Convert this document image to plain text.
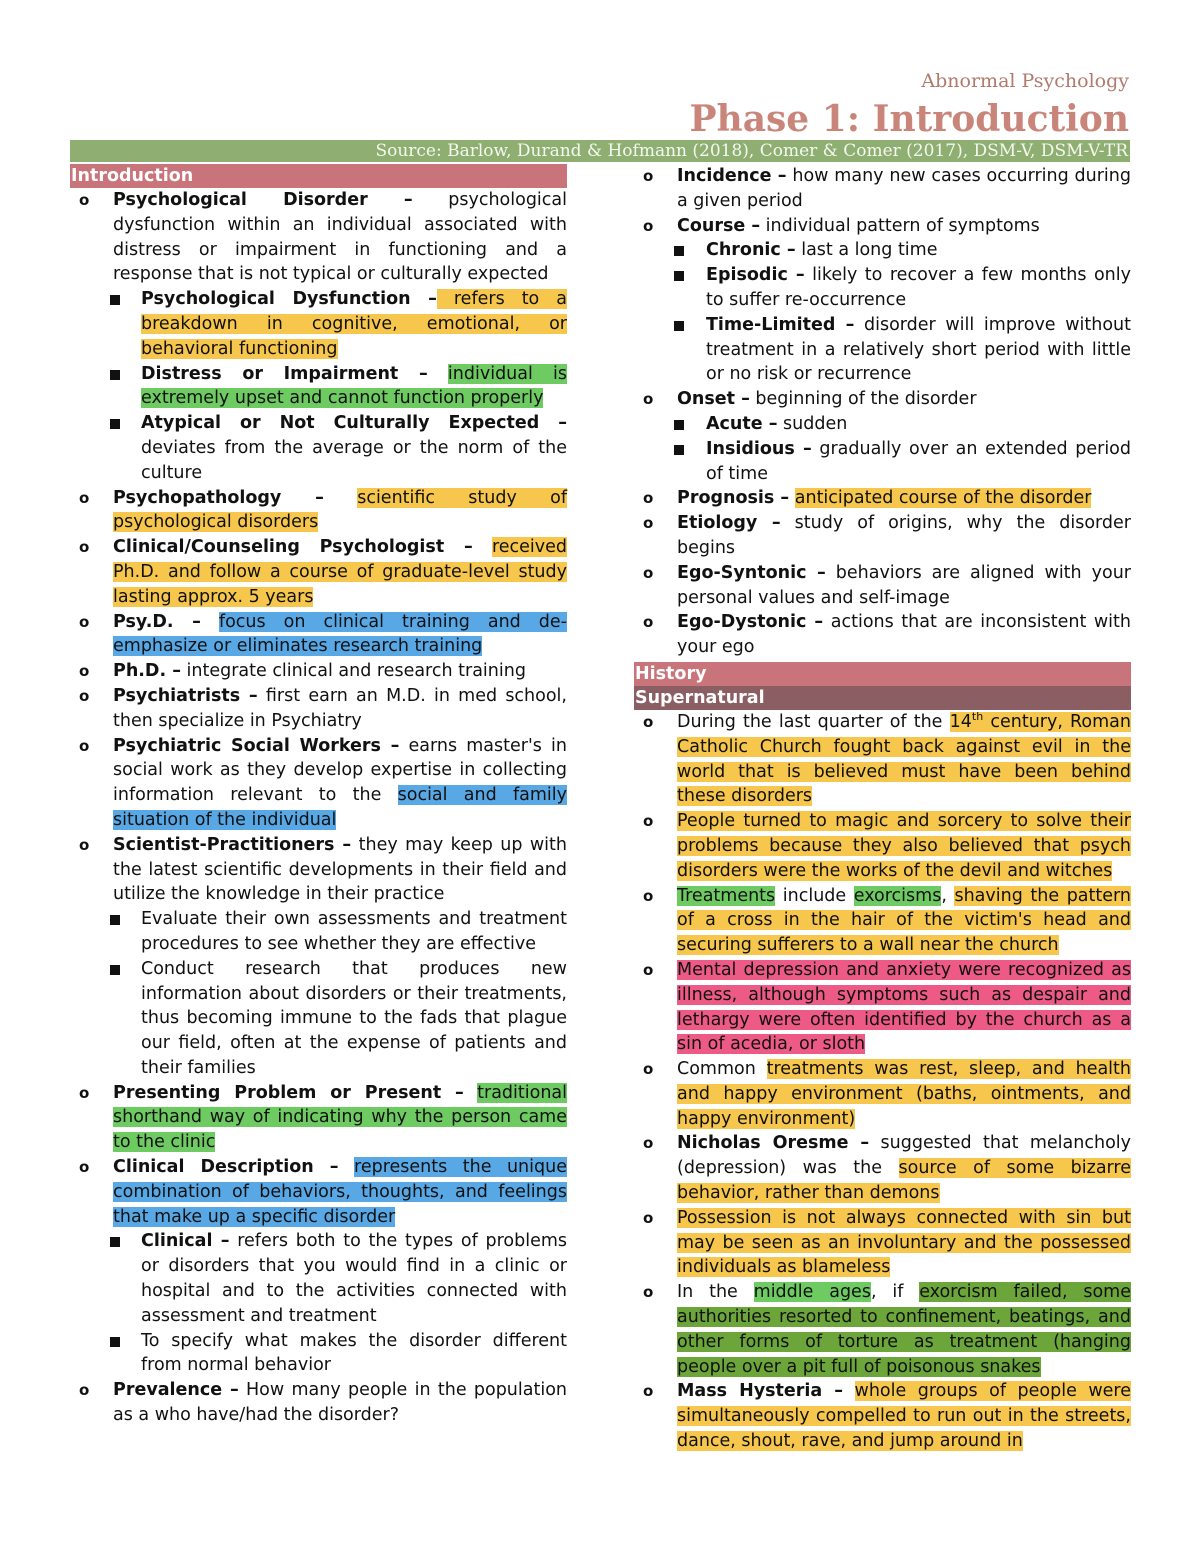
Abnormal Psychology
Phase 1: Introduction
Source: Barlow, Durand & Hofmann (2018), Comer & Comer (2017), DSM-V, DSM-V-TR
Introduction
o Psychological Disorder – psychological dysfunction within an individual associated with distress or impairment in functioning and a response that is not typical or culturally expected
Psychological Dysfunction – refers to a breakdown in cognitive, emotional, or behavioral functioning
Distress or Impairment – individual is extremely upset and cannot function properly
Atypical or Not Culturally Expected – deviates from the average or the norm of the culture
o Psychopathology – scientific study of psychological disorders
o Clinical/Counseling Psychologist – received Ph.D. and follow a course of graduate-level study lasting approx. 5 years
o Psy.D. – focus on clinical training and de-emphasize or eliminates research training
o Ph.D. – integrate clinical and research training
o Psychiatrists – first earn an M.D. in med school, then specialize in Psychiatry
o Psychiatric Social Workers – earns master's in social work as they develop expertise in collecting information relevant to the social and family situation of the individual
o Scientist-Practitioners – they may keep up with the latest scientific developments in their field and utilize the knowledge in their practice
Evaluate their own assessments and treatment procedures to see whether they are effective
Conduct research that produces new information about disorders or their treatments, thus becoming immune to the fads that plague our field, often at the expense of patients and their families
o Presenting Problem or Present – traditional shorthand way of indicating why the person came to the clinic
o Clinical Description – represents the unique combination of behaviors, thoughts, and feelings that make up a specific disorder
Clinical – refers both to the types of problems or disorders that you would find in a clinic or hospital and to the activities connected with assessment and treatment
To specify what makes the disorder different from normal behavior
o Prevalence – How many people in the population as a who have/had the disorder?
o Incidence – how many new cases occurring during a given period
o Course – individual pattern of symptoms
Chronic – last a long time
Episodic – likely to recover a few months only to suffer re-occurrence
Time-Limited – disorder will improve without treatment in a relatively short period with little or no risk or recurrence
o Onset – beginning of the disorder
Acute – sudden
Insidious – gradually over an extended period of time
o Prognosis – anticipated course of the disorder
o Etiology – study of origins, why the disorder begins
o Ego-Syntonic – behaviors are aligned with your personal values and self-image
o Ego-Dystonic – actions that are inconsistent with your ego
History
Supernatural
o During the last quarter of the 14th century, Roman Catholic Church fought back against evil in the world that is believed must have been behind these disorders
o People turned to magic and sorcery to solve their problems because they also believed that psych disorders were the works of the devil and witches
o Treatments include exorcisms, shaving the pattern of a cross in the hair of the victim's head and securing sufferers to a wall near the church
o Mental depression and anxiety were recognized as illness, although symptoms such as despair and lethargy were often identified by the church as a sin of acedia, or sloth
o Common treatments was rest, sleep, and health and happy environment (baths, ointments, and happy environment)
o Nicholas Oresme – suggested that melancholy (depression) was the source of some bizarre behavior, rather than demons
o Possession is not always connected with sin but may be seen as an involuntary and the possessed individuals as blameless
o In the middle ages, if exorcism failed, some authorities resorted to confinement, beatings, and other forms of torture as treatment (hanging people over a pit full of poisonous snakes
o Mass Hysteria – whole groups of people were simultaneously compelled to run out in the streets, dance, shout, rave, and jump around in
